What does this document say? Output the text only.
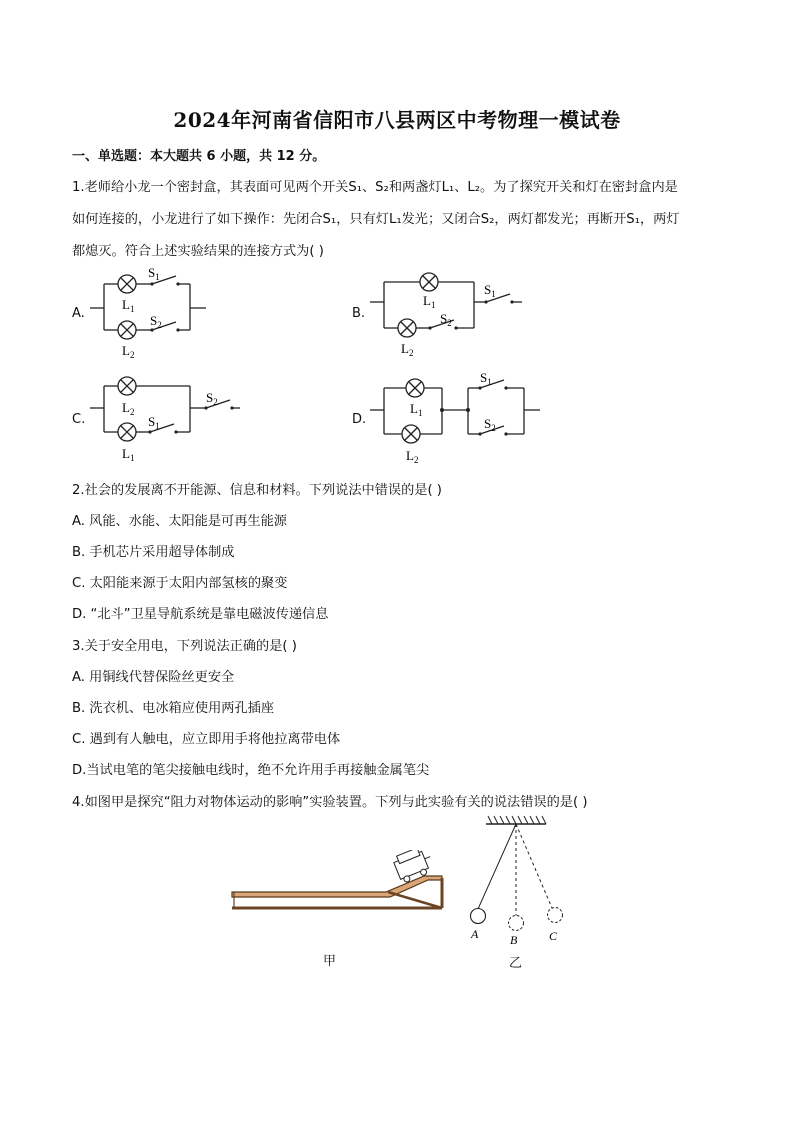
2024年河南省信阳市八县两区中考物理一模试卷
一、单选题：本大题共 6 小题，共 12 分。
1.老师给小龙一个密封盒，其表面可见两个开关S₁、S₂和两盏灯L₁、L₂。为了探究开关和灯在密封盒内是
如何连接的，小龙进行了如下操作：先闭合S₁，只有灯L₁发光；又闭合S₂，两灯都发光；再断开S₁，两灯
都熄灭。符合上述实验结果的连接方式为( )
A.
$S_1$
$L_1$
$S_2$
$L_2$
B.
$L_1$
$S_1$
$S_2$
$L_2$
C.
$L_2$
$S_2$
$S_1$
$L_1$
D.
$L_1$
$S_1$
$S_2$
$L_2$
2.社会的发展离不开能源、信息和材料。下列说法中错误的是( )
A. 风能、水能、太阳能是可再生能源
B. 手机芯片采用超导体制成
C. 太阳能来源于太阳内部氢核的聚变
D. “北斗”卫星导航系统是靠电磁波传递信息
3.关于安全用电，下列说法正确的是( )
A. 用铜线代替保险丝更安全
B. 洗衣机、电冰箱应使用两孔插座
C. 遇到有人触电，应立即用手将他拉离带电体
D.当试电笔的笔尖接触电线时，绝不允许用手再接触金属笔尖
4.如图甲是探究“阻力对物体运动的影响”实验装置。下列与此实验有关的说法错误的是( )
甲
A	B	C
乙
